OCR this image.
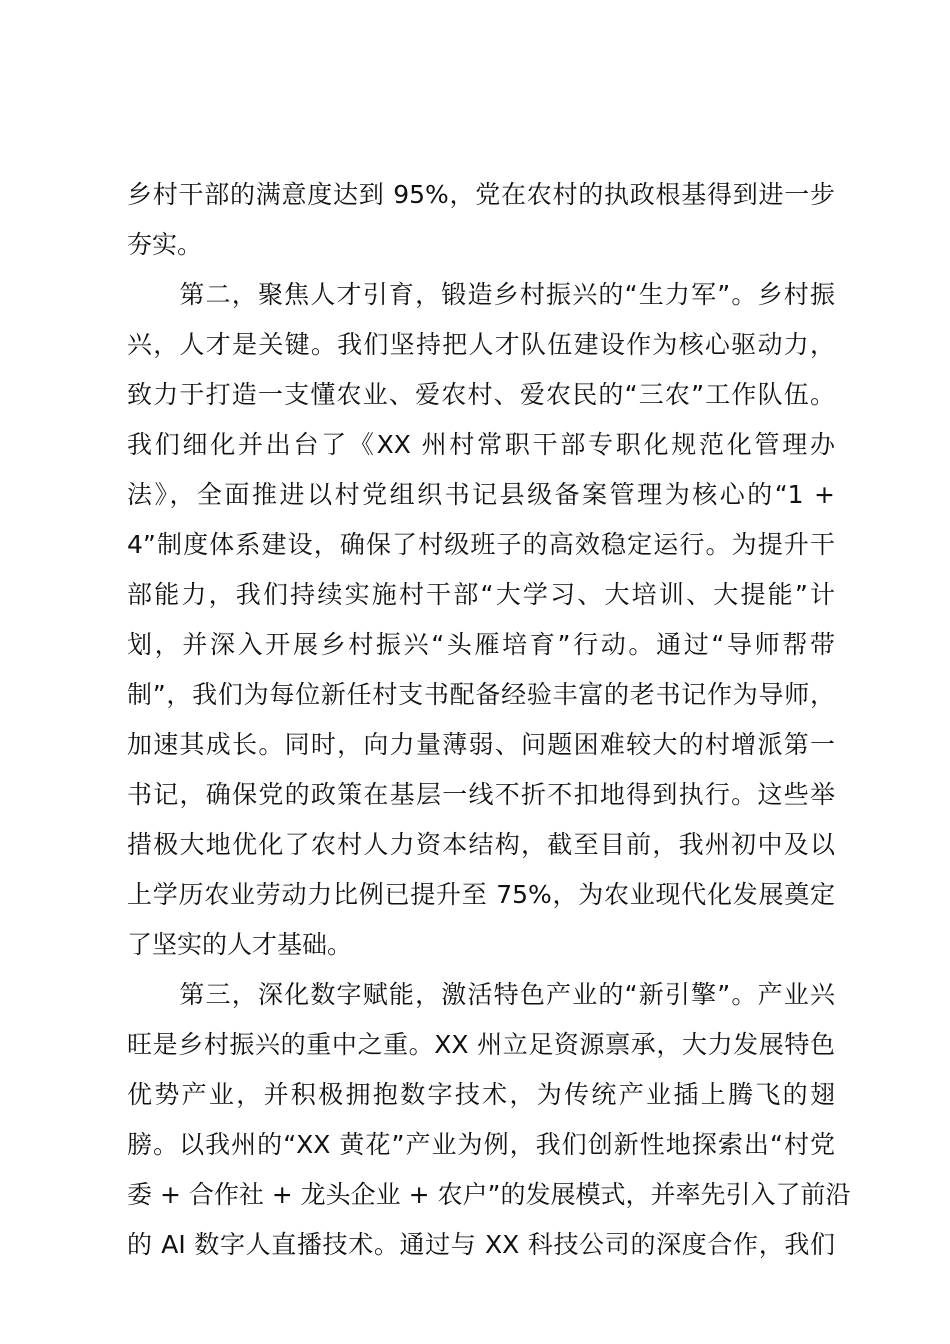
乡村干部的满意度达到 95%，党在农村的执政根基得到进一步
夯实。
　　第二，聚焦人才引育，锻造乡村振兴的“生力军”。乡村振
兴，人才是关键。我们坚持把人才队伍建设作为核心驱动力，
致力于打造一支懂农业、爱农村、爱农民的“三农”工作队伍。
我们细化并出台了《XX 州村常职干部专职化规范化管理办
法》，全面推进以村党组织书记县级备案管理为核心的“1 +
4”制度体系建设，确保了村级班子的高效稳定运行。为提升干
部能力，我们持续实施村干部“大学习、大培训、大提能”计
划，并深入开展乡村振兴“头雁培育”行动。通过“导师帮带
制”，我们为每位新任村支书配备经验丰富的老书记作为导师，
加速其成长。同时，向力量薄弱、问题困难较大的村增派第一
书记，确保党的政策在基层一线不折不扣地得到执行。这些举
措极大地优化了农村人力资本结构，截至目前，我州初中及以
上学历农业劳动力比例已提升至 75%，为农业现代化发展奠定
了坚实的人才基础。
　　第三，深化数字赋能，激活特色产业的“新引擎”。产业兴
旺是乡村振兴的重中之重。XX 州立足资源禀承，大力发展特色
优势产业，并积极拥抱数字技术，为传统产业插上腾飞的翅
膀。以我州的“XX 黄花”产业为例，我们创新性地探索出“村党
委 + 合作社 + 龙头企业 + 农户”的发展模式，并率先引入了前沿
的 AI 数字人直播技术。通过与 XX 科技公司的深度合作，我们
